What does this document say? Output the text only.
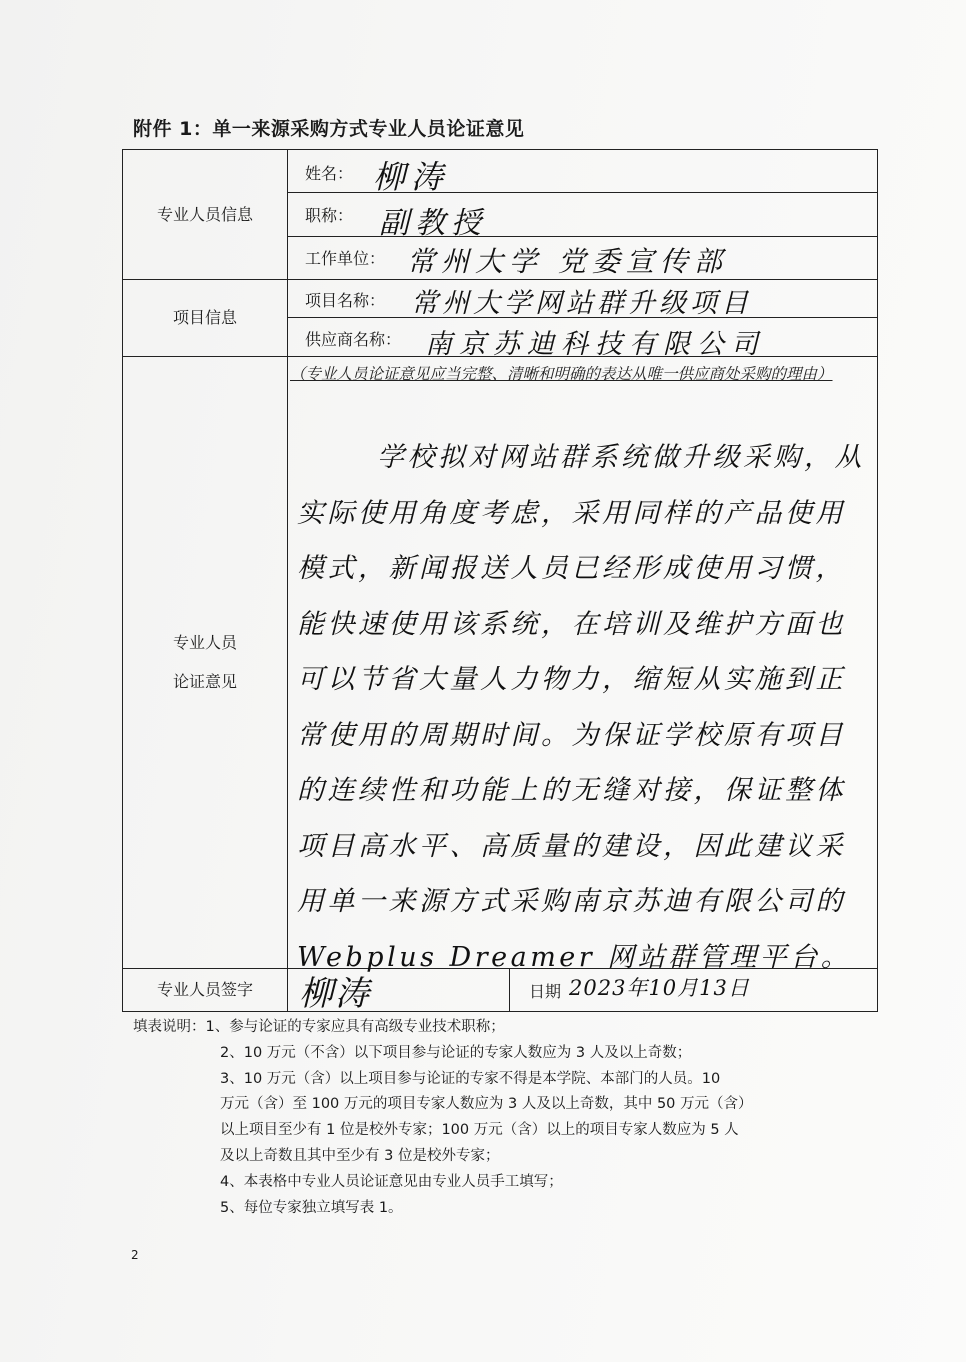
附件 1：单一来源采购方式专业人员论证意见
专业人员信息
项目信息
专业人员
论证意见
专业人员签字
姓名：
职称：
工作单位：
项目名称：
供应商名称：
柳涛
副教授
常州大学 党委宣传部
常州大学网站群升级项目
南京苏迪科技有限公司
（专业人员论证意见应当完整、清晰和明确的表达从唯一供应商处采购的理由）
学校拟对网站群系统做升级采购，从实际使用角度考虑，采用同样的产品使用模式，新闻报送人员已经形成使用习惯，能快速使用该系统，在培训及维护方面也可以节省大量人力物力，缩短从实施到正常使用的周期时间。为保证学校原有项目的连续性和功能上的无缝对接，保证整体项目高水平、高质量的建设，因此建议采用单一来源方式采购南京苏迪有限公司的 Webplus Dreamer 网站群管理平台。
柳涛	日期 2023年10月13日
填表说明：1、参与论证的专家应具有高级专业技术职称；
2、10 万元（不含）以下项目参与论证的专家人数应为 3 人及以上奇数；
3、10 万元（含）以上项目参与论证的专家不得是本学院、本部门的人员。10
万元（含）至 100 万元的项目专家人数应为 3 人及以上奇数，其中 50 万元（含）
以上项目至少有 1 位是校外专家；100 万元（含）以上的项目专家人数应为 5 人
及以上奇数且其中至少有 3 位是校外专家；
4、本表格中专业人员论证意见由专业人员手工填写；
5、每位专家独立填写表 1。
2
